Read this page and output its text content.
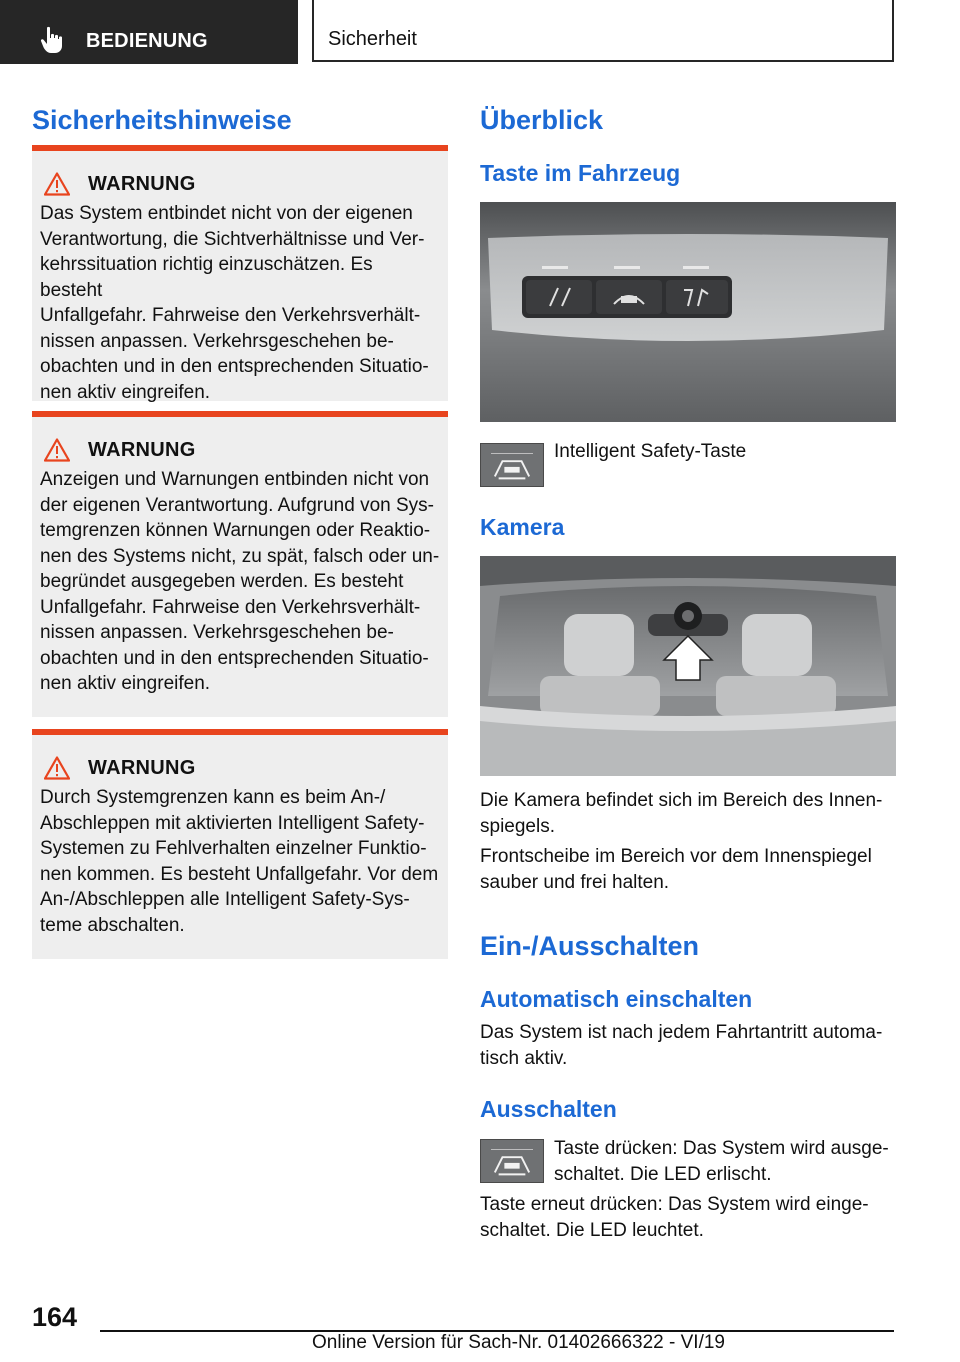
BEDIENUNG	Sicherheit
Sicherheitshinweise
WARNUNG
Das System entbindet nicht von der eigenen
Verantwortung, die Sichtverhältnisse und Ver‐
kehrssituation richtig einzuschätzen. Es besteht
Unfallgefahr. Fahrweise den Verkehrsverhält‐
nissen anpassen. Verkehrsgeschehen be‐
obachten und in den entsprechenden Situatio‐
nen aktiv eingreifen.
WARNUNG
Anzeigen und Warnungen entbinden nicht von
der eigenen Verantwortung. Aufgrund von Sys‐
temgrenzen können Warnungen oder Reaktio‐
nen des Systems nicht, zu spät, falsch oder un‐
begründet ausgegeben werden. Es besteht
Unfallgefahr. Fahrweise den Verkehrsverhält‐
nissen anpassen. Verkehrsgeschehen be‐
obachten und in den entsprechenden Situatio‐
nen aktiv eingreifen.
WARNUNG
Durch Systemgrenzen kann es beim An-/
Abschleppen mit aktivierten Intelligent Safety-
Systemen zu Fehlverhalten einzelner Funktio‐
nen kommen. Es besteht Unfallgefahr. Vor dem
An-/Abschleppen alle Intelligent Safety-Sys‐
teme abschalten.
Überblick
Taste im Fahrzeug

Intelligent Safety-Taste

Kamera

Die Kamera befindet sich im Bereich des Innen‐
spiegels.

Frontscheibe im Bereich vor dem Innenspiegel
sauber und frei halten.

Ein-/Ausschalten
Automatisch einschalten

Das System ist nach jedem Fahrtantritt automa‐
tisch aktiv.

Ausschalten

Taste drücken: Das System wird ausge‐
schaltet. Die LED erlischt.

Taste erneut drücken: Das System wird einge‐
schaltet. Die LED leuchtet.

164
Online Version für Sach-Nr. 01402666322 - VI/19
